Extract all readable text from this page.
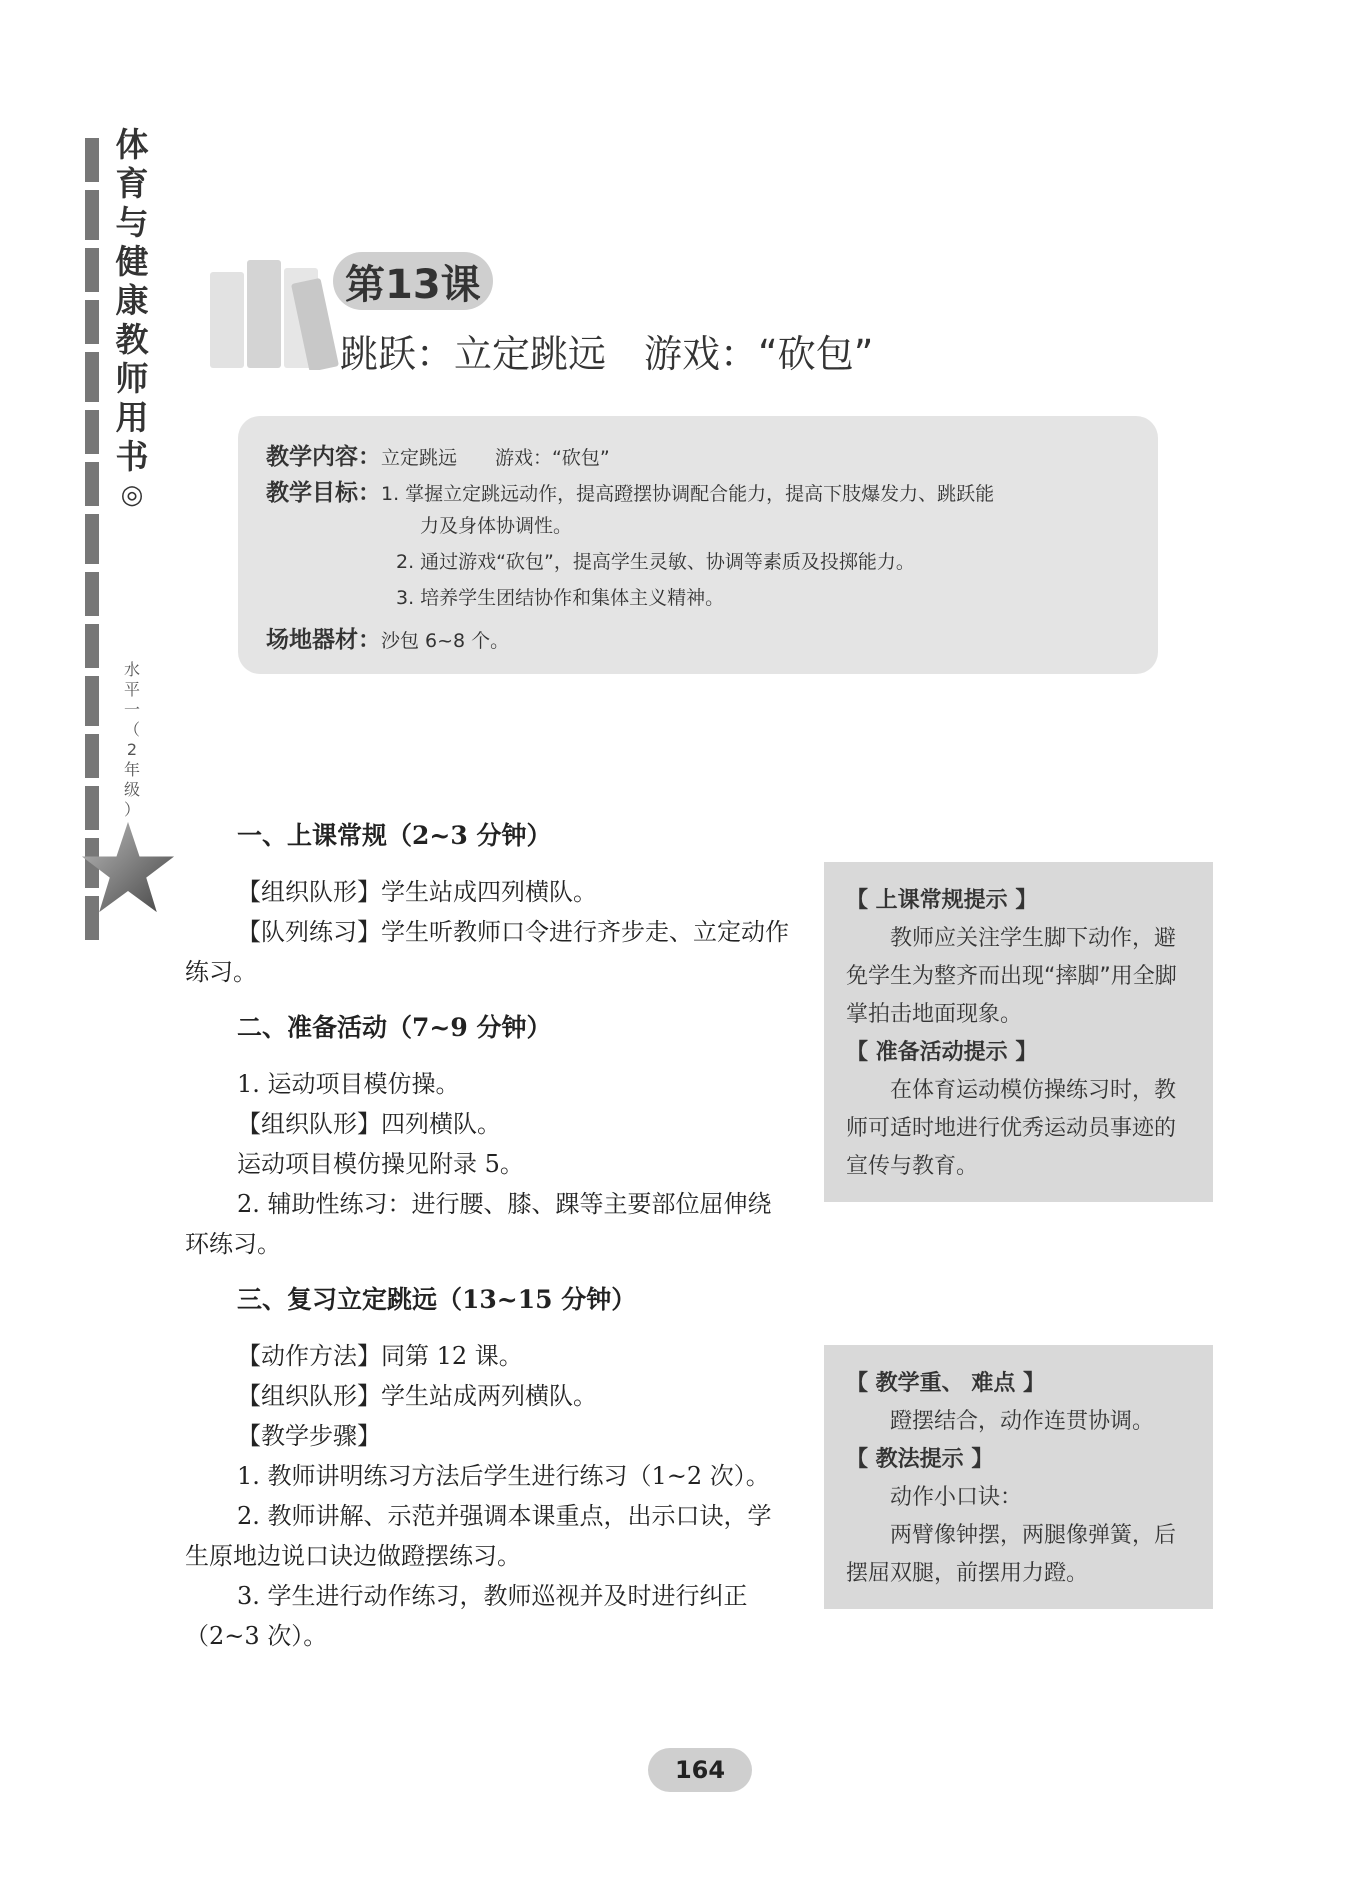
体
育
与
健
康
教
师
用
书
◎
水
平
一
（
2
年
级
）
第13课
跳跃：立定跳远　游戏：“砍包”
教学内容：立定跳远　　游戏：“砍包”
教学目标：1. 掌握立定跳远动作，提高蹬摆协调配合能力，提高下肢爆发力、跳跃能
力及身体协调性。
2. 通过游戏“砍包”，提高学生灵敏、协调等素质及投掷能力。
3. 培养学生团结协作和集体主义精神。
场地器材：沙包 6~8 个。

一、上课常规（2~3 分钟）

【组织队形】学生站成四列横队。

【队列练习】学生听教师口令进行齐步走、立定动作练习。

二、准备活动（7~9 分钟）

1. 运动项目模仿操。

【组织队形】四列横队。

运动项目模仿操见附录 5。

2. 辅助性练习：进行腰、膝、踝等主要部位屈伸绕环练习。

三、复习立定跳远（13~15 分钟）

【动作方法】同第 12 课。

【组织队形】学生站成两列横队。

【教学步骤】

1. 教师讲明练习方法后学生进行练习（1~2 次）。

2. 教师讲解、示范并强调本课重点，出示口诀，学生原地边说口诀边做蹬摆练习。

3. 学生进行动作练习，教师巡视并及时进行纠正（2~3 次）。

【 上课常规提示 】

教师应关注学生脚下动作，避免学生为整齐而出现“摔脚”用全脚掌拍击地面现象。

【 准备活动提示 】

在体育运动模仿操练习时，教师可适时地进行优秀运动员事迹的宣传与教育。

【 教学重、 难点 】

蹬摆结合，动作连贯协调。

【 教法提示 】

动作小口诀：

两臂像钟摆，两腿像弹簧，后摆屈双腿，前摆用力蹬。

164
